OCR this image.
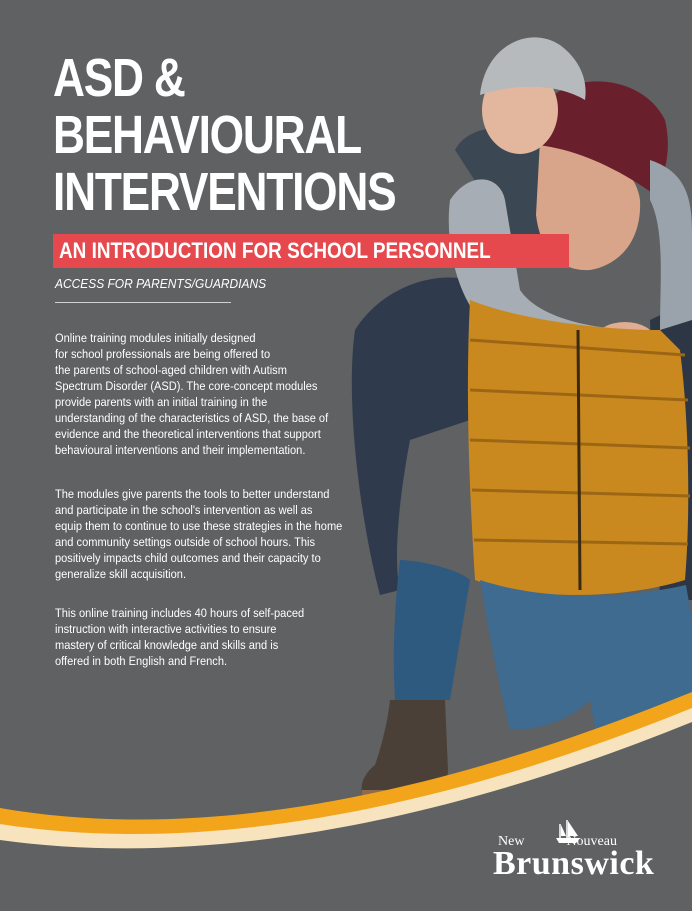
ASD &
BEHAVIOURAL
INTERVENTIONS
AN INTRODUCTION FOR SCHOOL PERSONNEL
ACCESS FOR PARENTS/GUARDIANS

Online training modules initially designed
for school professionals are being offered to
the parents of school-aged children with Autism
Spectrum Disorder (ASD). The core-concept modules
provide parents with an initial training in the
understanding of the characteristics of ASD, the base of
evidence and the theoretical interventions that support
behavioural interventions and their implementation.

The modules give parents the tools to better understand
and participate in the school's intervention as well as
equip them to continue to use these strategies in the home
and community settings outside of school hours. This
positively impacts child outcomes and their capacity to
generalize skill acquisition.

This online training includes 40 hours of self-paced
instruction with interactive activities to ensure
mastery of critical knowledge and skills and is
offered in both English and French.

New	Nouveau
Brunswick
